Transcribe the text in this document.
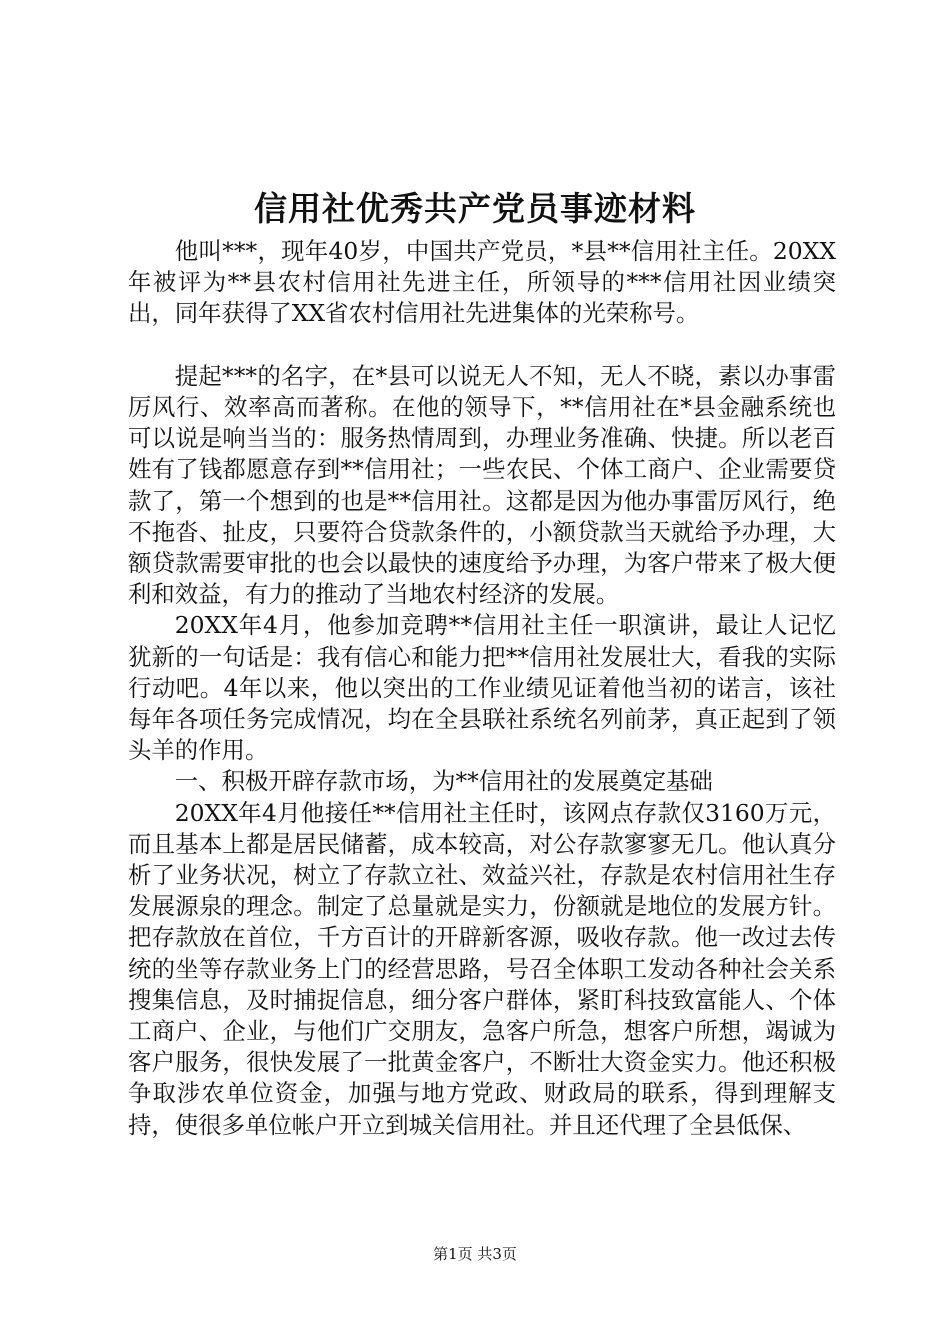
信用社优秀共产党员事迹材料

他叫***，现年40岁，中国共产党员，*县**信用社主任。20XX年被评为**县农村信用社先进主任，所领导的***信用社因业绩突出，同年获得了XX省农村信用社先进集体的光荣称号。

提起***的名字，在*县可以说无人不知，无人不晓，素以办事雷厉风行、效率高而著称。在他的领导下，**信用社在*县金融系统也可以说是响当当的：服务热情周到，办理业务准确、快捷。所以老百姓有了钱都愿意存到**信用社；一些农民、个体工商户、企业需要贷款了，第一个想到的也是**信用社。这都是因为他办事雷厉风行，绝不拖沓、扯皮，只要符合贷款条件的，小额贷款当天就给予办理，大额贷款需要审批的也会以最快的速度给予办理，为客户带来了极大便利和效益，有力的推动了当地农村经济的发展。

20XX年4月，他参加竞聘**信用社主任一职演讲，最让人记忆犹新的一句话是：我有信心和能力把**信用社发展壮大，看我的实际行动吧。4年以来，他以突出的工作业绩见证着他当初的诺言，该社每年各项任务完成情况，均在全县联社系统名列前茅，真正起到了领头羊的作用。

一、积极开辟存款市场，为**信用社的发展奠定基础

20XX年4月他接任**信用社主任时，该网点存款仅3160万元，而且基本上都是居民储蓄，成本较高，对公存款寥寥无几。他认真分析了业务状况，树立了存款立社、效益兴社，存款是农村信用社生存发展源泉的理念。制定了总量就是实力，份额就是地位的发展方针。把存款放在首位，千方百计的开辟新客源，吸收存款。他一改过去传统的坐等存款业务上门的经营思路，号召全体职工发动各种社会关系搜集信息，及时捕捉信息，细分客户群体，紧盯科技致富能人、个体工商户、企业，与他们广交朋友，急客户所急，想客户所想，竭诚为客户服务，很快发展了一批黄金客户，不断壮大资金实力。他还积极争取涉农单位资金，加强与地方党政、财政局的联系，得到理解支持，使很多单位帐户开立到城关信用社。并且还代理了全县低保、

第1页 共3页
